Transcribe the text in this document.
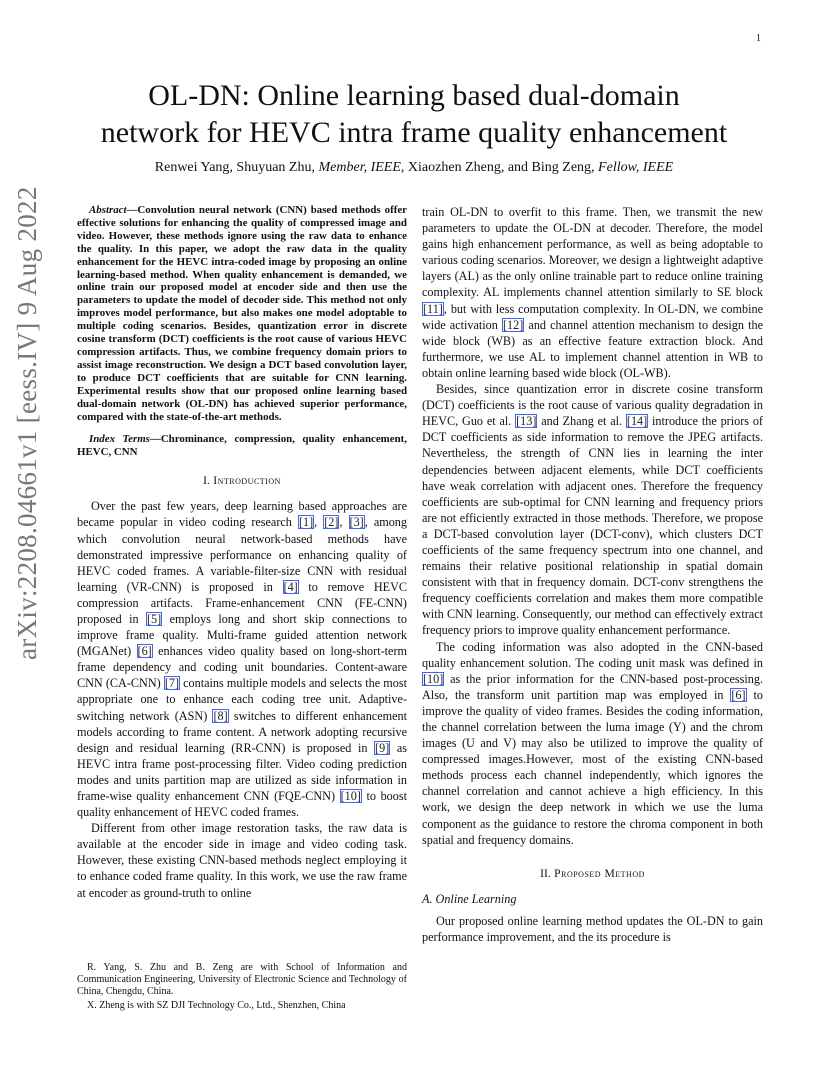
1
arXiv:2208.04661v1 [eess.IV] 9 Aug 2022
OL-DN: Online learning based dual-domain
network for HEVC intra frame quality enhancement
Renwei Yang, Shuyuan Zhu, Member, IEEE, Xiaozhen Zheng, and Bing Zeng, Fellow, IEEE

Abstract—Convolution neural network (CNN) based methods offer effective solutions for enhancing the quality of compressed image and video. However, these methods ignore using the raw data to enhance the quality. In this paper, we adopt the raw data in the quality enhancement for the HEVC intra-coded image by proposing an online learning-based method. When quality enhancement is demanded, we online train our proposed model at encoder side and then use the parameters to update the model of decoder side. This method not only improves model performance, but also makes one model adoptable to multiple coding scenarios. Besides, quantization error in discrete cosine transform (DCT) coefficients is the root cause of various HEVC compression artifacts. Thus, we combine frequency domain priors to assist image reconstruction. We design a DCT based convolution layer, to produce DCT coefficients that are suitable for CNN learning. Experimental results show that our proposed online learning based dual-domain network (OL-DN) has achieved superior performance, compared with the state-of-the-art methods.

Index Terms—Chrominance, compression, quality enhancement, HEVC, CNN

I. Introduction

Over the past few years, deep learning based approaches are became popular in video coding research [1], [2], [3], among which convolution neural network-based methods have demonstrated impressive performance on enhancing quality of HEVC coded frames. A variable-filter-size CNN with residual learning (VR-CNN) is proposed in [4] to remove HEVC compression artifacts. Frame-enhancement CNN (FE-CNN) proposed in [5] employs long and short skip connections to improve frame quality. Multi-frame guided attention network (MGANet) [6] enhances video quality based on long-short-term frame dependency and coding unit boundaries. Content-aware CNN (CA-CNN) [7] contains multiple models and selects the most appropriate one to enhance each coding tree unit. Adaptive-switching network (ASN) [8] switches to different enhancement models according to frame content. A network adopting recursive design and residual learning (RR-CNN) is proposed in [9] as HEVC intra frame post-processing filter. Video coding prediction modes and units partition map are utilized as side information in frame-wise quality enhancement CNN (FQE-CNN) [10] to boost quality enhancement of HEVC coded frames.

Different from other image restoration tasks, the raw data is available at the encoder side in image and video coding task. However, these existing CNN-based methods neglect employing it to enhance coded frame quality. In this work, we use the raw frame at encoder as ground-truth to online

R. Yang, S. Zhu and B. Zeng are with School of Information and Communication Engineering, University of Electronic Science and Technology of China, Chengdu, China.

X. Zheng is with SZ DJI Technology Co., Ltd., Shenzhen, China

train OL-DN to overfit to this frame. Then, we transmit the new parameters to update the OL-DN at decoder. Therefore, the model gains high enhancement performance, as well as being adoptable to various coding scenarios. Moreover, we design a lightweight adaptive layers (AL) as the only online trainable part to reduce online training complexity. AL implements channel attention similarly to SE block [11], but with less computation complexity. In OL-DN, we combine wide activation [12] and channel attention mechanism to design the wide block (WB) as an effective feature extraction block. And furthermore, we use AL to implement channel attention in WB to obtain online learning based wide block (OL-WB).

Besides, since quantization error in discrete cosine transform (DCT) coefficients is the root cause of various quality degradation in HEVC, Guo et al. [13] and Zhang et al. [14] introduce the priors of DCT coefficients as side information to remove the JPEG artifacts. Nevertheless, the strength of CNN lies in learning the inter dependencies between adjacent elements, while DCT coefficients have weak correlation with adjacent ones. Therefore the frequency coefficients are sub-optimal for CNN learning and frequency priors are not efficiently extracted in those methods. Therefore, we propose a DCT-based convolution layer (DCT-conv), which clusters DCT coefficients of the same frequency spectrum into one channel, and remains their relative positional relationship in spatial domain consistent with that in frequency domain. DCT-conv strengthens the frequency coefficients correlation and makes them more compatible with CNN learning. Consequently, our method can effectively extract frequency priors to improve quality enhancement performance.

The coding information was also adopted in the CNN-based quality enhancement solution. The coding unit mask was defined in [10] as the prior information for the CNN-based post-processing. Also, the transform unit partition map was employed in [6] to improve the quality of video frames. Besides the coding information, the channel correlation between the luma image (Y) and the chrom images (U and V) may also be utilized to improve the quality of compressed images.However, most of the existing CNN-based methods process each channel independently, which ignores the channel correlation and cannot achieve a high efficiency. In this work, we design the deep network in which we use the luma component as the guidance to restore the chroma component in both spatial and frequency domains.

II. Proposed Method
A. Online Learning

Our proposed online learning method updates the OL-DN to gain performance improvement, and the its procedure is
